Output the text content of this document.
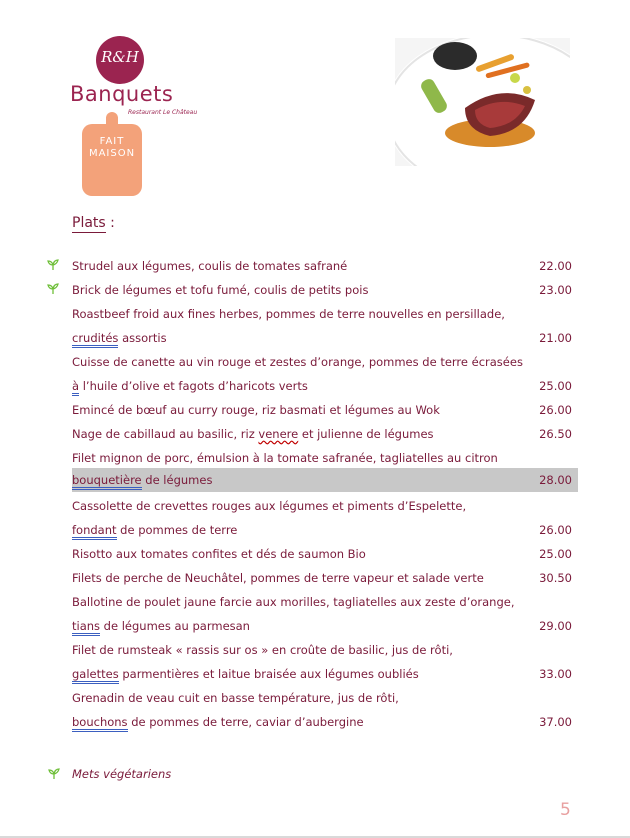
R&H
Banquets
Restaurant Le Château
FAIT
MAISON
Plats :
Strudel aux légumes, coulis de tomates safrané	22.00
Brick de légumes et tofu fumé, coulis de petits pois	23.00
Roastbeef froid aux fines herbes, pommes de terre nouvelles en persillade,
crudités assortis	21.00
Cuisse de canette au vin rouge et zestes d’orange, pommes de terre écrasées
à l’huile d’olive et fagots d’haricots verts	25.00
Emincé de bœuf au curry rouge, riz basmati et légumes au Wok	26.00
Nage de cabillaud au basilic, riz venere et julienne de légumes	26.50
Filet mignon de porc, émulsion à la tomate safranée, tagliatelles au citron
bouquetière de légumes	28.00
Cassolette de crevettes rouges aux légumes et piments d’Espelette,
fondant de pommes de terre	26.00
Risotto aux tomates confites et dés de saumon Bio	25.00
Filets de perche de Neuchâtel, pommes de terre vapeur et salade verte	30.50
Ballotine de poulet jaune farcie aux morilles, tagliatelles aux zeste d’orange,
tians de légumes au parmesan	29.00
Filet de rumsteak « rassis sur os » en croûte de basilic, jus de rôti,
galettes parmentières et laitue braisée aux légumes oubliés	33.00
Grenadin de veau cuit en basse température, jus de rôti,
bouchons de pommes de terre, caviar d’aubergine	37.00
Mets végétariens
5
